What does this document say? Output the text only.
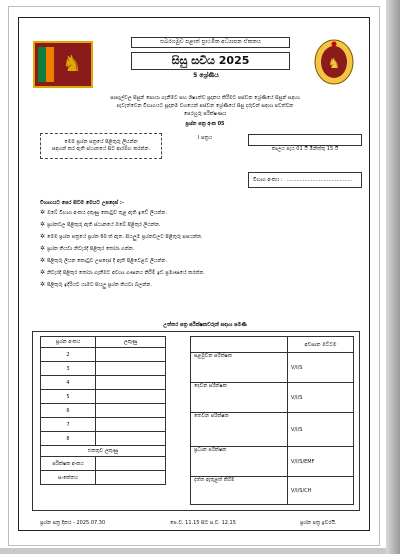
♞
සබරගමුව පළාත් ප්‍රාථමික අධ්‍යාපන ඒකකය
සිසු සවිය 2025
5 ශ්‍රේණිය
♞
පාසැල්වල සිසුන් සොයා ගැනීමට සහ ශිෂ්‍යත්ව ප්‍රදානය කිරීමට පස්වන ශ්‍රේණියේ සිසුන් සඳහා
පැවැත්වෙන විභාගයට සූදානම වශයෙන් පස්වන ශ්‍රේණියේ සිසු දරුවන් සඳහා පවත්වන
පෙරහුරු පරීක්ෂණය
ප්‍රශ්න පත්‍ර අංක 05
I පත්‍රය
මෙම ප්‍රශ්න පත්‍රයේ පිළිතුරු ලියන්න
සඳහන් කර ඇති ස්ථානයේ සිට ආරම්භ කරන්න.	කාලය පැය 01 යි මිනිත්තු 15 යි
විභාග අංකය : .........................................
විභාගයට පෙර සිටම මෙයට උපදෙස් :-
✲ ඔබේ විභාග අංකය දකුණු කොටුව තුළ ඇති ඉඩේ ලියන්න.
✲ ප්‍රශ්නවල පිළිතුරු ඇති ස්ථානයේ ඔබේ පිළිතුර ලියන්න.
✲ මෙම ප්‍රශ්න පත්‍රයේ ප්‍රශ්න 60 ක් ඇත. සියලුම ප්‍රශ්නවලට පිළිතුරු සපයන්න.
✲ ප්‍රශ්න කියවා නිවැරදි පිළිතුර තෝරා ගන්න.
✲ පිළිතුරු ලියන කොටුව උපදෙස් දී ඇති පිළිවෙළට ලියන්න.
✲ නිවැරදි පිළිතුර තෝරා ගැනීමට අවශ්‍ය ගණනය කිරීම් ඉඩ ප්‍රමාණයේ කරන්න.
✲ පිළිතුරු ඉදිරියට යාමට සියලු ප්‍රශ්න කියවා බලන්න.
උත්තර පත්‍ර පරීක්ෂකවරුන් සඳහා පමණි
ප්‍රශ්න අංකය	ලකුණු
2	
3	
4	
5	
6	
7	
8	
එකතුව ලකුණු	
පරීක්ෂක අංකය	
සංකේතය	
	අවසාන මට්ටම
පළමුවන පරීක්ෂක	V/I/S
දෙවන පරීක්ෂක	V/I/S
තෙවන පරීක්ෂක	V/I/S
ප්‍රධාන පරීක්ෂක	V/I/S/EMF
දත්ත ඇතුළත් කිරීම	V/I/S/CH
ප්‍රශ්න පත්‍ර දිනය - 2025.07.30	පෙ.ව. 11.15 සිට ප.ව. 12.15	ප්‍රශ්න පත්‍ර ඉවරයි.
